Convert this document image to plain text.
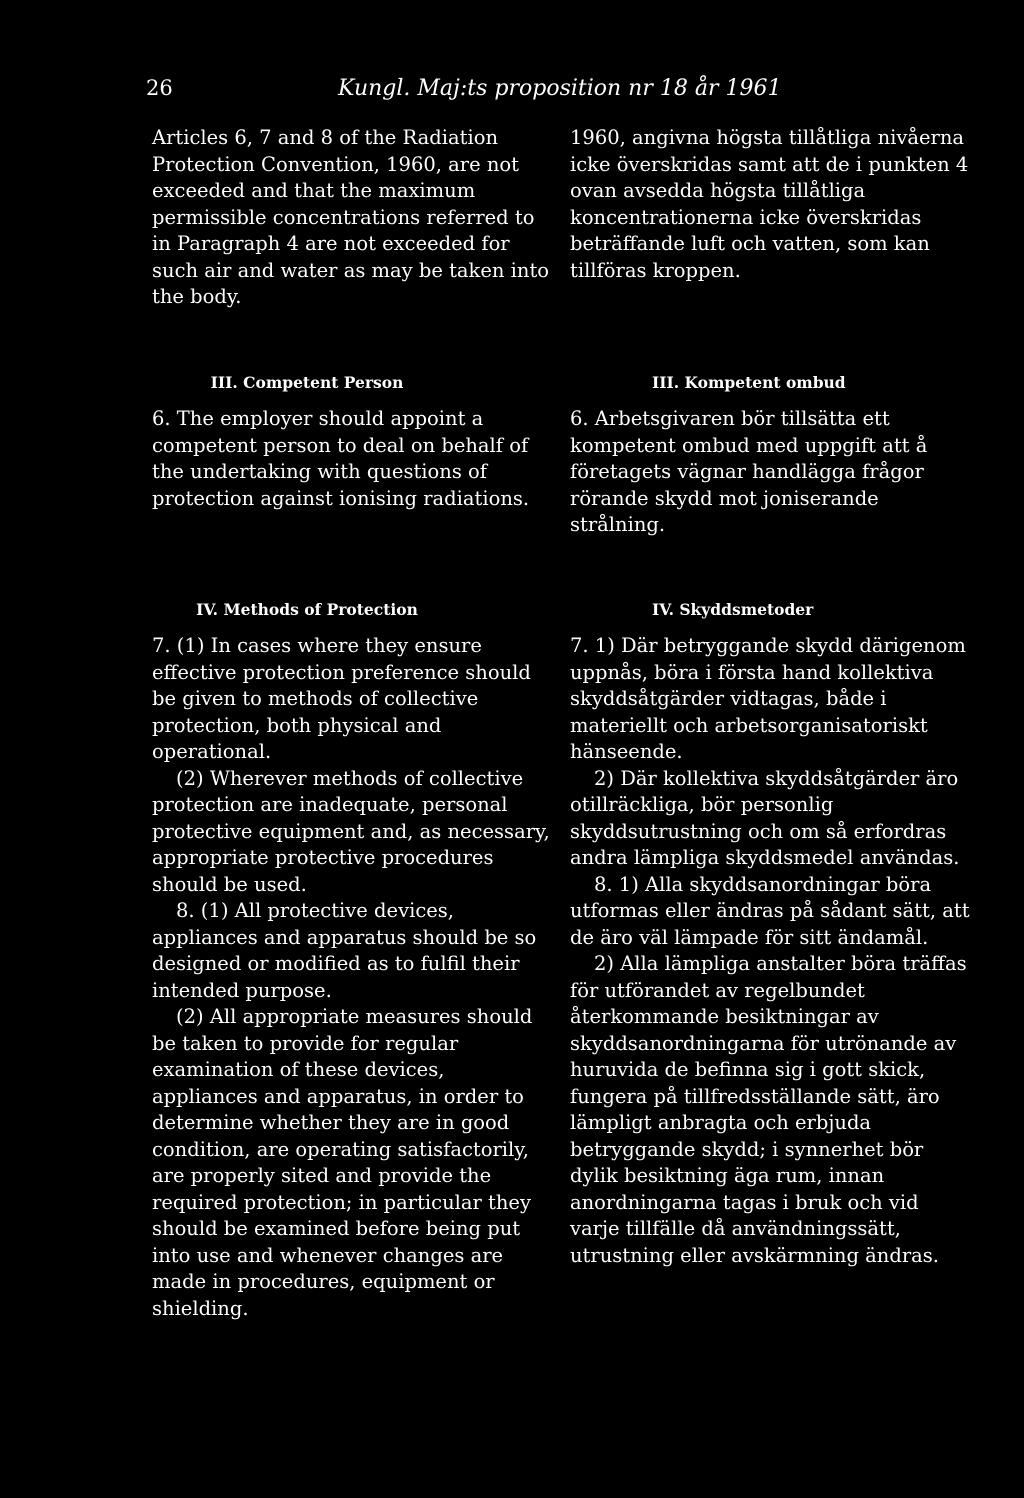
26	Kungl. Maj:ts proposition nr 18 år 1961

Articles 6, 7 and 8 of the Radiation Protection Convention, 1960, are not exceeded and that the maximum permissible concentrations referred to in Paragraph 4 are not exceeded for such air and water as may be taken into the body.

III. Competent Person

6. The employer should appoint a competent person to deal on behalf of the undertaking with questions of protection against ionising radiations.

IV. Methods of Protection

7. (1) In cases where they ensure effective protection preference should be given to methods of collective protection, both physical and operational.

(2) Wherever methods of collective protection are inadequate, personal protective equipment and, as necessary, appropriate protective procedures should be used.

8. (1) All protective devices, appliances and apparatus should be so designed or modified as to fulfil their intended purpose.

(2) All appropriate measures should be taken to provide for regular examination of these devices, appliances and apparatus, in order to determine whether they are in good condition, are operating satisfactorily, are properly sited and provide the required protection; in particular they should be examined before being put into use and whenever changes are made in procedures, equipment or shielding.

1960, angivna högsta tillåtliga nivåerna icke överskridas samt att de i punkten 4 ovan avsedda högsta tillåtliga koncentrationerna icke överskridas beträffande luft och vatten, som kan tillföras kroppen.

III. Kompetent ombud

6. Arbetsgivaren bör tillsätta ett kompetent ombud med uppgift att å företagets vägnar handlägga frågor rörande skydd mot joniserande strålning.

IV. Skyddsmetoder

7. 1) Där betryggande skydd därigenom uppnås, böra i första hand kollektiva skyddsåtgärder vidtagas, både i materiellt och arbetsorganisatoriskt hänseende.

2) Där kollektiva skyddsåtgärder äro otillräckliga, bör personlig skyddsutrustning och om så erfordras andra lämpliga skyddsmedel användas.

8. 1) Alla skyddsanordningar böra utformas eller ändras på sådant sätt, att de äro väl lämpade för sitt ändamål.

2) Alla lämpliga anstalter böra träffas för utförandet av regelbundet återkommande besiktningar av skyddsanordningarna för utrönande av huruvida de befinna sig i gott skick, fungera på tillfredsställande sätt, äro lämpligt anbragta och erbjuda betryggande skydd; i synnerhet bör dylik besiktning äga rum, innan anordningarna tagas i bruk och vid varje tillfälle då användningssätt, utrustning eller avskärmning ändras.
